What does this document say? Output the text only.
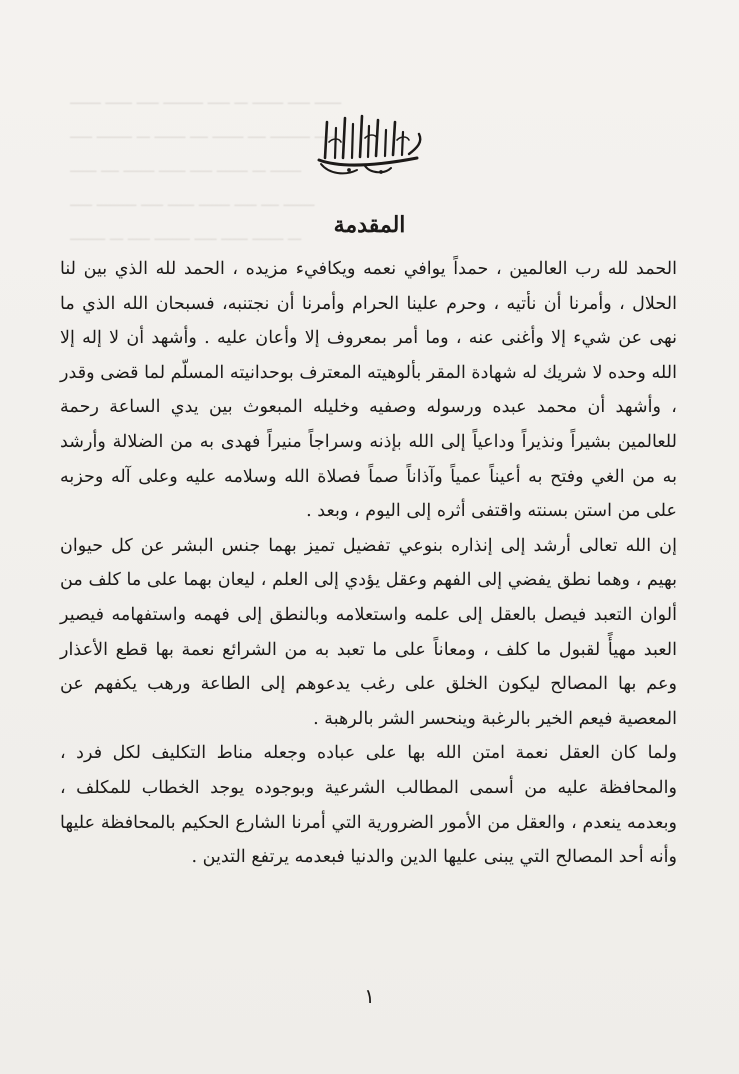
ـــــــ ــــــ ـــــ ـــــــــ ـــــ ـــ ـــــــ ـــــ ــــــ
ـــــ ــــــــ ـــ ـــــــ ــــ ـــــــ ــــ ـــــــــ ـــــ
ــــــ ــــ ـــــــ ــــــ ـــــ ـــــــ ـــ ـــــــ
ـــــ ـــــــــ ـــــ ــــــ ـــــــ ـــــ ــــ ـــــــ
ــــــــ ـــ ـــــ ــــــــ ـــــ ــــــ ـــــــ ـــ	المقدمة

الحمد لله رب العالمين ، حمداً يوافي نعمه ويكافيء مزيده ، الحمد لله الذي بين لنا الحلال ، وأمرنا أن نأتيه ، وحرم علينا الحرام وأمرنا أن نجتنبه، فسبحان الله الذي ما نهى عن شيء إلا وأغنى عنه ، وما أمر بمعروف إلا وأعان عليه . وأشهد أن لا إله إلا الله وحده لا شريك له شهادة المقر بألوهيته المعترف بوحدانيته المسلّم لما قضى وقدر ، وأشهد أن محمد عبده ورسوله وصفيه وخليله المبعوث بين يدي الساعة رحمة للعالمين بشيراً ونذيراً وداعياً إلى الله بإذنه وسراجاً منيراً فهدى به من الضلالة وأرشد به من الغي وفتح به أعيناً عمياً وآذاناً صماً فصلاة الله وسلامه عليه وعلى آله وحزبه على من استن بسنته واقتفى أثره إلى اليوم ، وبعد .

إن الله تعالى أرشد إلى إنذاره بنوعي تفضيل تميز بهما جنس البشر عن كل حيوان بهيم ، وهما نطق يفضي إلى الفهم وعقل يؤدي إلى العلم ، ليعان بهما على ما كلف من ألوان التعبد فيصل بالعقل إلى علمه واستعلامه وبالنطق إلى فهمه واستفهامه فيصير العبد مهيأً لقبول ما كلف ، ومعاناً على ما تعبد به من الشرائع نعمة بها قطع الأعذار وعم بها المصالح ليكون الخلق على رغب يدعوهم إلى الطاعة ورهب يكفهم عن المعصية فيعم الخير بالرغبة وينحسر الشر بالرهبة .

ولما كان العقل نعمة امتن الله بها على عباده وجعله مناط التكليف لكل فرد ، والمحافظة عليه من أسمى المطالب الشرعية وبوجوده يوجد الخطاب للمكلف ، وبعدمه ينعدم ، والعقل من الأمور الضرورية التي أمرنا الشارع الحكيم بالمحافظة عليها وأنه أحد المصالح التي يبنى عليها الدين والدنيا فبعدمه يرتفع التدين .

١
